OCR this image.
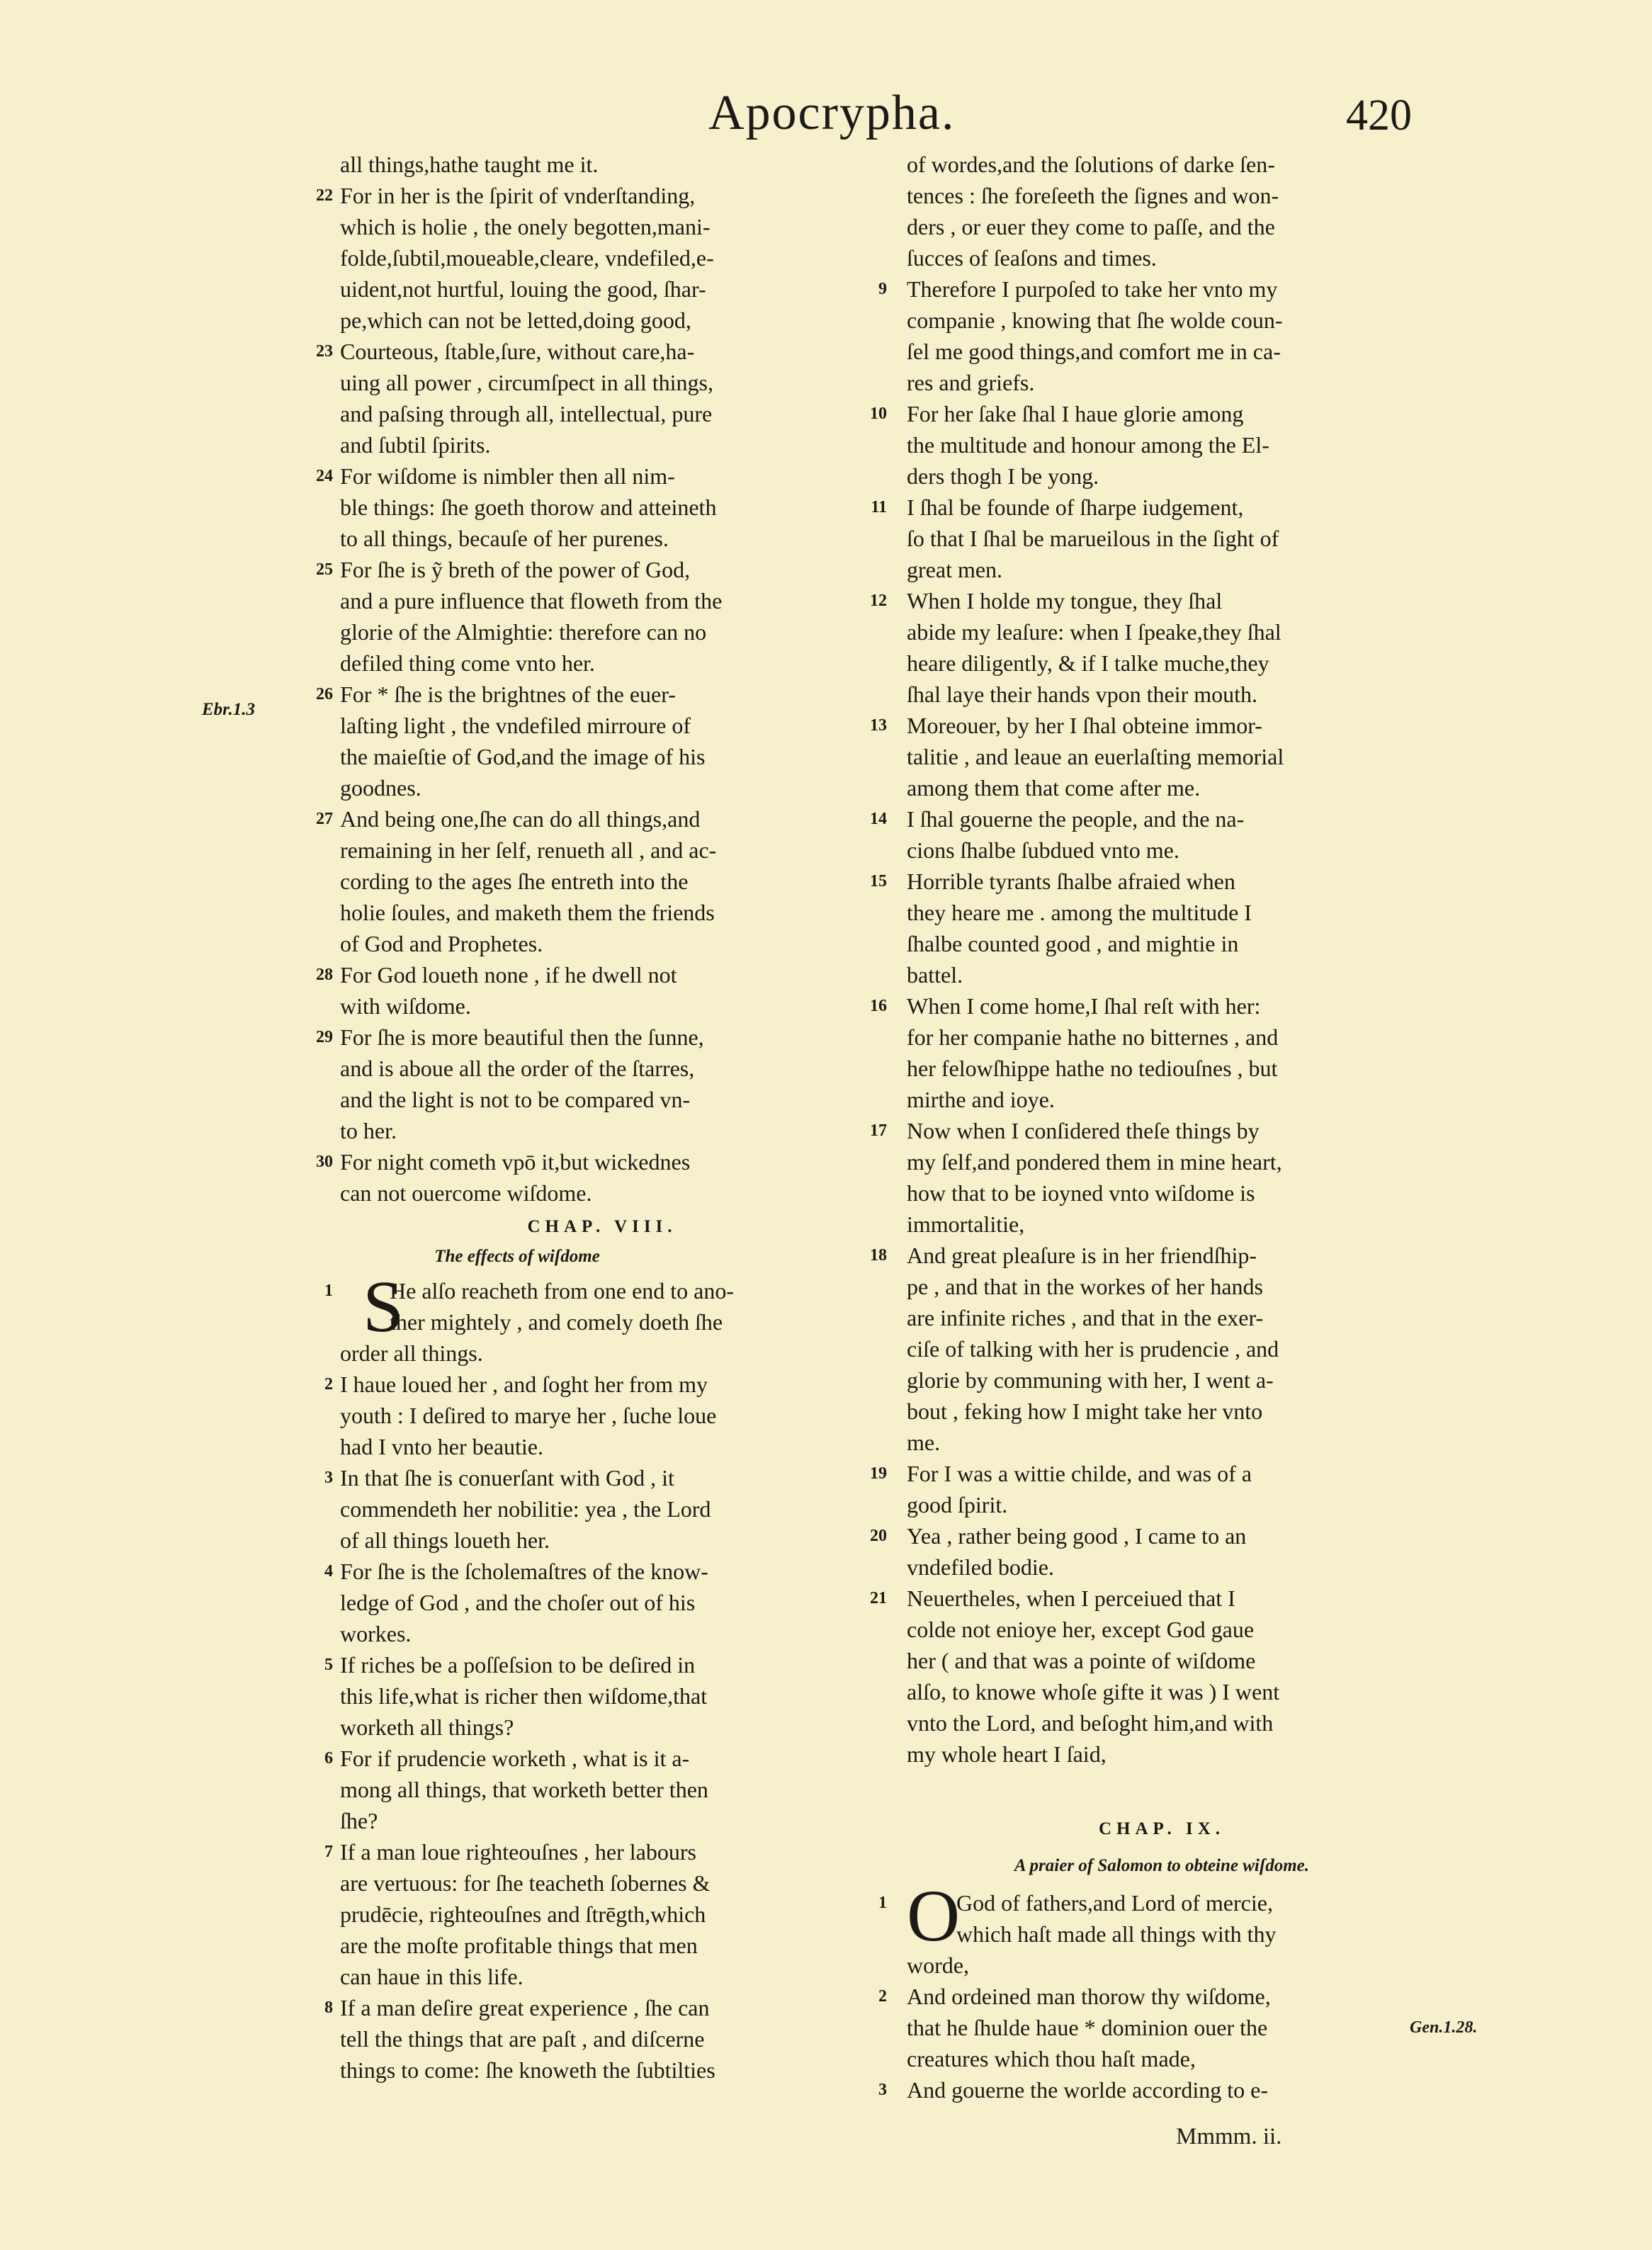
Apocrypha.	420
all things,hathe taught me it.
For in her is the ſpirit of vnderſtanding,
which is holie , the onely begotten,mani-
folde,ſubtil,moueable,cleare, vndefiled,e-
uident,not hurtful, louing the good, ſhar-
pe,which can not be letted,doing good,
Courteous, ſtable,ſure, without care,ha-
uing all power , circumſpect in all things,
and paſsing through all, intellectual, pure
and ſubtil ſpirits.
For wiſdome is nimbler then all nim-
ble things: ſhe goeth thorow and atteineth
to all things, becauſe of her purenes.
For ſhe is ỹ breth of the power of God,
and a pure influence that floweth from the
glorie of the Almightie: therefore can no
defiled thing come vnto her.
For * ſhe is the brightnes of the euer-
laſting light , the vndefiled mirroure of
the maieſtie of God,and the image of his
goodnes.
And being one,ſhe can do all things,and
remaining in her ſelf, renueth all , and ac-
cording to the ages ſhe entreth into the
holie ſoules, and maketh them the friends
of God and Prophetes.
For God loueth none , if he dwell not
with wiſdome.
For ſhe is more beautiful then the ſunne,
and is aboue all the order of the ſtarres,
and the light is not to be compared vn-
to her.
For night cometh vpō it,but wickednes
can not ouercome wiſdome.
22
23
24
25
26
27
28
29
30
CHAP. VIII.
The effects of wiſdome
S
He alſo reacheth from one end to ano-
ther mightely , and comely doeth ſhe
order all things.
I haue loued her , and ſoght her from my
youth : I deſired to marye her , ſuche loue
had I vnto her beautie.
In that ſhe is conuerſant with God , it
commendeth her nobilitie: yea , the Lord
of all things loueth her.
For ſhe is the ſcholemaſtres of the know-
ledge of God , and the choſer out of his
workes.
If riches be a poſſeſsion to be deſired in
this life,what is richer then wiſdome,that
worketh all things?
For if prudencie worketh , what is it a-
mong all things, that worketh better then
ſhe?
If a man loue righteouſnes , her labours
are vertuous: for ſhe teacheth ſobernes &
prudēcie, righteouſnes and ſtrēgth,which
are the moſte profitable things that men
can haue in this life.
If a man deſire great experience , ſhe can
tell the things that are paſt , and diſcerne
things to come: ſhe knoweth the ſubtilties
1
2
3
4
5
6
7
8
Ebr.1.3
of wordes,and the ſolutions of darke ſen-
tences : ſhe foreſeeth the ſignes and won-
ders , or euer they come to paſſe, and the
ſucces of ſeaſons and times.
Therefore I purpoſed to take her vnto my
companie , knowing that ſhe wolde coun-
ſel me good things,and comfort me in ca-
res and griefs.
For her ſake ſhal I haue glorie among
the multitude and honour among the El-
ders thogh I be yong.
I ſhal be founde of ſharpe iudgement,
ſo that I ſhal be marueilous in the ſight of
great men.
When I holde my tongue, they ſhal
abide my leaſure: when I ſpeake,they ſhal
heare diligently, & if I talke muche,they
ſhal laye their hands vpon their mouth.
Moreouer, by her I ſhal obteine immor-
talitie , and leaue an euerlaſting memorial
among them that come after me.
I ſhal gouerne the people, and the na-
cions ſhalbe ſubdued vnto me.
Horrible tyrants ſhalbe afraied when
they heare me . among the multitude I
ſhalbe counted good , and mightie in
battel.
When I come home,I ſhal reſt with her:
for her companie hathe no bitternes , and
her felowſhippe hathe no tediouſnes , but
mirthe and ioye.
Now when I conſidered theſe things by
my ſelf,and pondered them in mine heart,
how that to be ioyned vnto wiſdome is
immortalitie,
And great pleaſure is in her friendſhip-
pe , and that in the workes of her hands
are infinite riches , and that in the exer-
ciſe of talking with her is prudencie , and
glorie by communing with her, I went a-
bout , feking how I might take her vnto
me.
For I was a wittie childe, and was of a
good ſpirit.
Yea , rather being good , I came to an
vndefiled bodie.
Neuertheles, when I perceiued that I
colde not enioye her, except God gaue
her ( and that was a pointe of wiſdome
alſo, to knowe whoſe gifte it was ) I went
vnto the Lord, and beſoght him,and with
my whole heart I ſaid,
9
10
11
12
13
14
15
16
17
18
19
20
21
CHAP. IX.
A praier of Salomon to obteine wiſdome.
O
God of fathers,and Lord of mercie,
which haſt made all things with thy
worde,
And ordeined man thorow thy wiſdome,
that he ſhulde haue * dominion ouer the
creatures which thou haſt made,
And gouerne the worlde according to e-
1
2
3
Gen.1.28.
Mmmm. ii.
